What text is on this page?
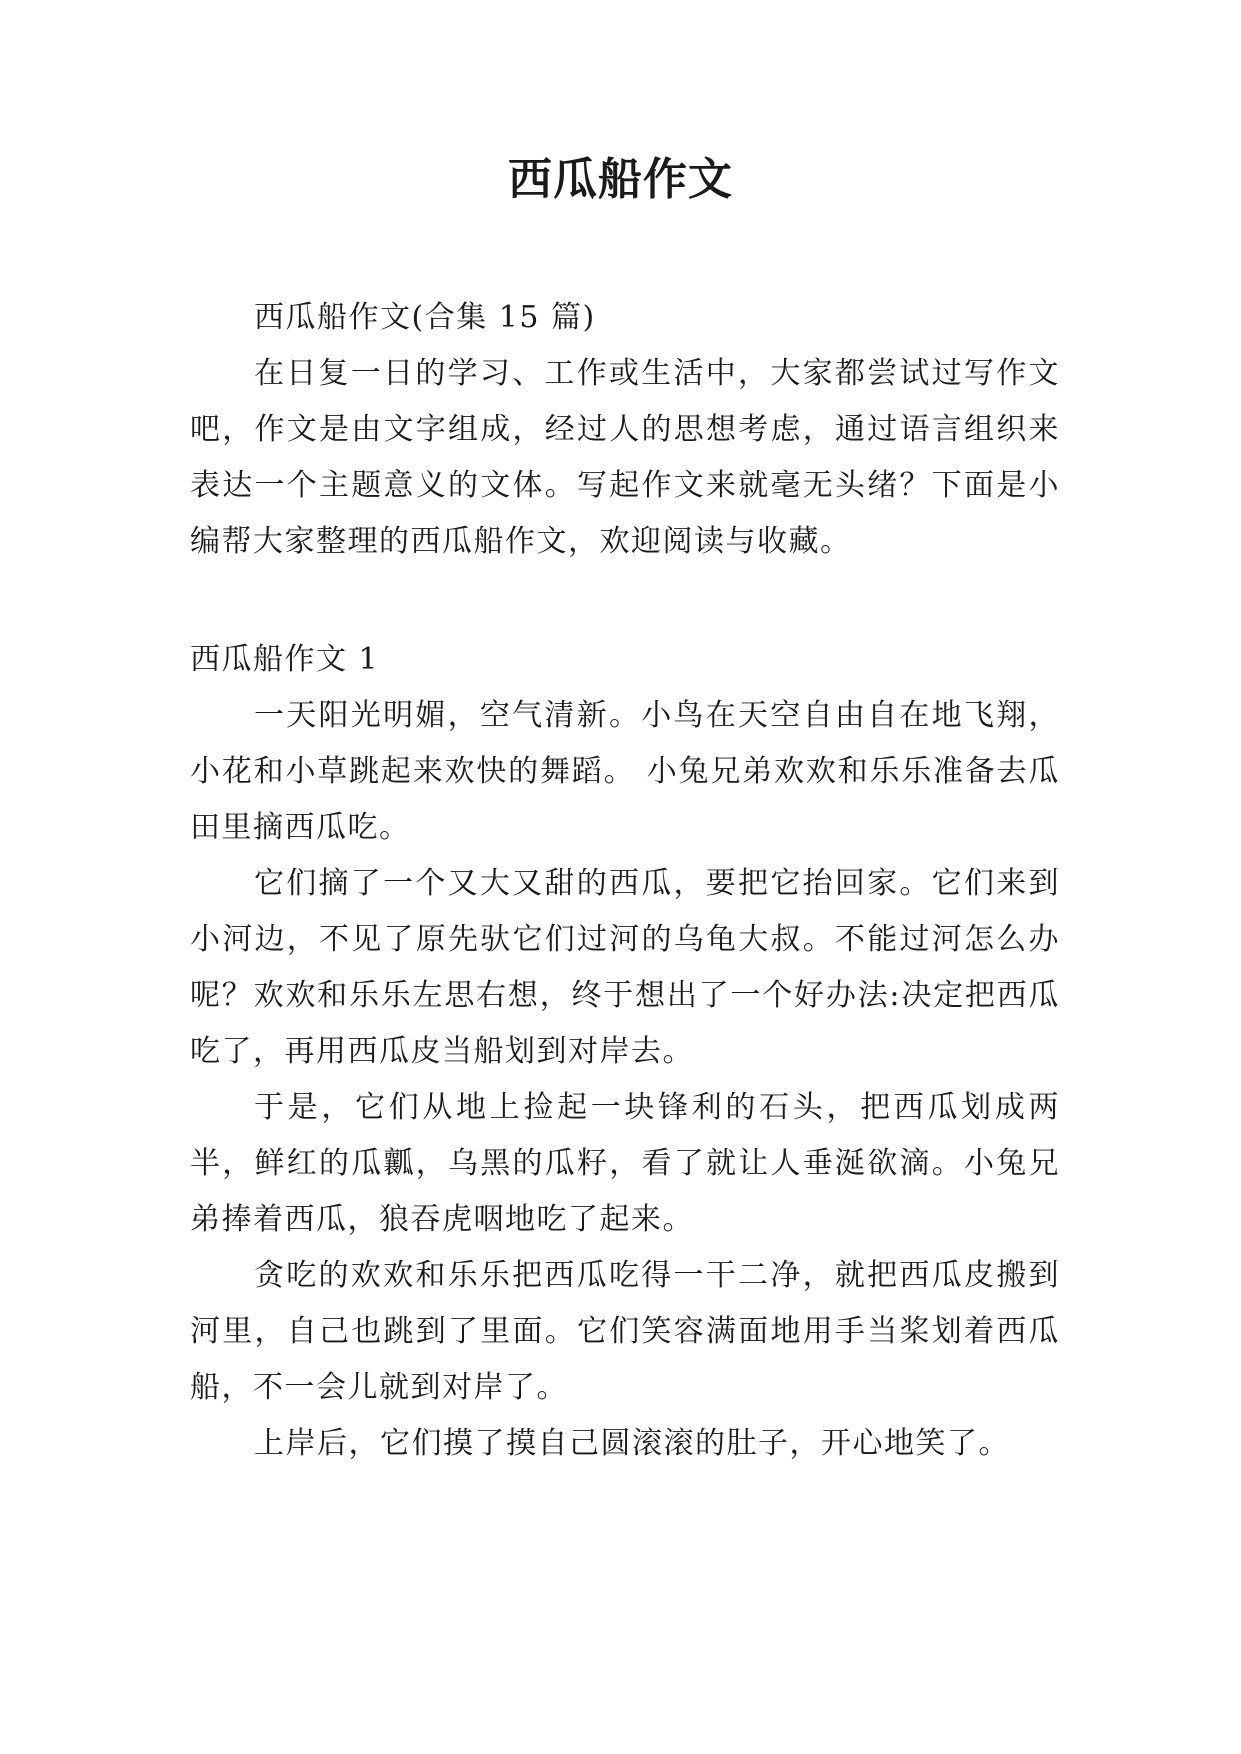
西瓜船作文

西瓜船作文(合集 15 篇)

在日复一日的学习、工作或生活中，大家都尝试过写作文吧，作文是由文字组成，经过人的思想考虑，通过语言组织来表达一个主题意义的文体。写起作文来就毫无头绪？下面是小编帮大家整理的西瓜船作文，欢迎阅读与收藏。

西瓜船作文 1

一天阳光明媚，空气清新。小鸟在天空自由自在地飞翔，小花和小草跳起来欢快的舞蹈。 小兔兄弟欢欢和乐乐准备去瓜田里摘西瓜吃。

它们摘了一个又大又甜的西瓜，要把它抬回家。它们来到小河边，不见了原先驮它们过河的乌龟大叔。不能过河怎么办呢？欢欢和乐乐左思右想，终于想出了一个好办法:决定把西瓜吃了，再用西瓜皮当船划到对岸去。

于是，它们从地上捡起一块锋利的石头，把西瓜划成两半，鲜红的瓜瓤，乌黑的瓜籽，看了就让人垂涎欲滴。小兔兄弟捧着西瓜，狼吞虎咽地吃了起来。

贪吃的欢欢和乐乐把西瓜吃得一干二净，就把西瓜皮搬到河里，自己也跳到了里面。它们笑容满面地用手当桨划着西瓜船，不一会儿就到对岸了。

上岸后，它们摸了摸自己圆滚滚的肚子，开心地笑了。
